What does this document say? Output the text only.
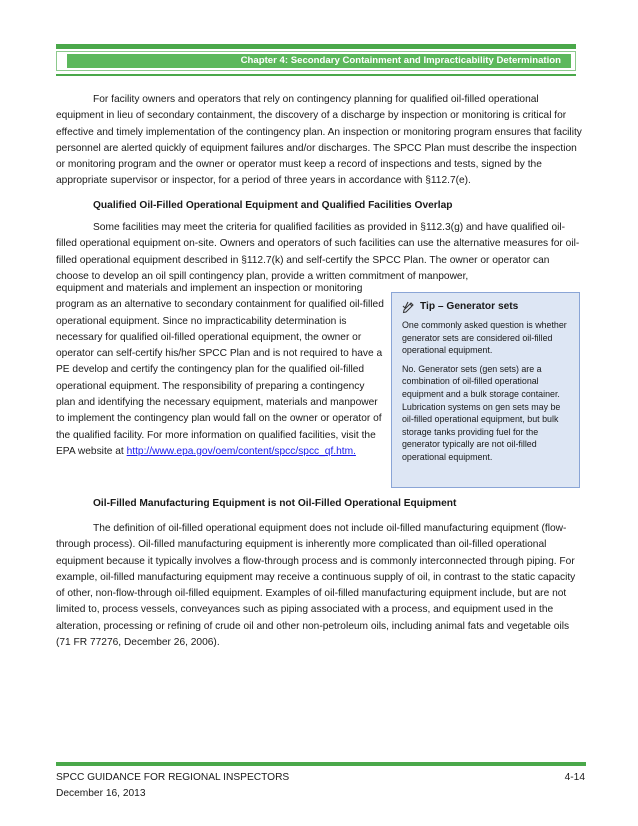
Chapter 4: Secondary Containment and Impracticability Determination

For facility owners and operators that rely on contingency planning for qualified oil-filled operational equipment in lieu of secondary containment, the discovery of a discharge by inspection or monitoring is critical for effective and timely implementation of the contingency plan. An inspection or monitoring program ensures that facility personnel are alerted quickly of equipment failures and/or discharges. The SPCC Plan must describe the inspection or monitoring program and the owner or operator must keep a record of inspections and tests, signed by the appropriate supervisor or inspector, for a period of three years in accordance with §112.7(e).

Qualified Oil-Filled Operational Equipment and Qualified Facilities Overlap

Some facilities may meet the criteria for qualified facilities as provided in §112.3(g) and have qualified oil-filled operational equipment on-site. Owners and operators of such facilities can use the alternative measures for oil-filled operational equipment described in §112.7(k) and self-certify the SPCC Plan. The owner or operator can choose to develop an oil spill contingency plan, provide a written commitment of manpower,

equipment and materials and implement an inspection or monitoring program as an alternative to secondary containment for qualified oil-filled operational equipment. Since no impracticability determination is necessary for qualified oil-filled operational equipment, the owner or operator can self-certify his/her SPCC Plan and is not required to have a PE develop and certify the contingency plan for the qualified oil-filled operational equipment. The responsibility of preparing a contingency plan and identifying the necessary equipment, materials and manpower to implement the contingency plan would fall on the owner or operator of the qualified facility. For more information on qualified facilities, visit the EPA website at http://www.epa.gov/oem/content/spcc/spcc_qf.htm.
Tip – Generator sets

One commonly asked question is whether generator sets are considered oil-filled operational equipment.

No. Generator sets (gen sets) are a combination of oil-filled operational equipment and a bulk storage container. Lubrication systems on gen sets may be oil-filled operational equipment, but bulk storage tanks providing fuel for the generator typically are not oil-filled operational equipment.

Oil-Filled Manufacturing Equipment is not Oil-Filled Operational Equipment

The definition of oil-filled operational equipment does not include oil-filled manufacturing equipment (flow-through process). Oil-filled manufacturing equipment is inherently more complicated than oil-filled operational equipment because it typically involves a flow-through process and is commonly interconnected through piping. For example, oil-filled manufacturing equipment may receive a continuous supply of oil, in contrast to the static capacity of other, non-flow-through oil-filled equipment. Examples of oil-filled manufacturing equipment include, but are not limited to, process vessels, conveyances such as piping associated with a process, and equipment used in the alteration, processing or refining of crude oil and other non-petroleum oils, including animal fats and vegetable oils (71 FR 77276, December 26, 2006).

SPCC GUIDANCE FOR REGIONAL INSPECTORS
December 16, 2013
4-14
